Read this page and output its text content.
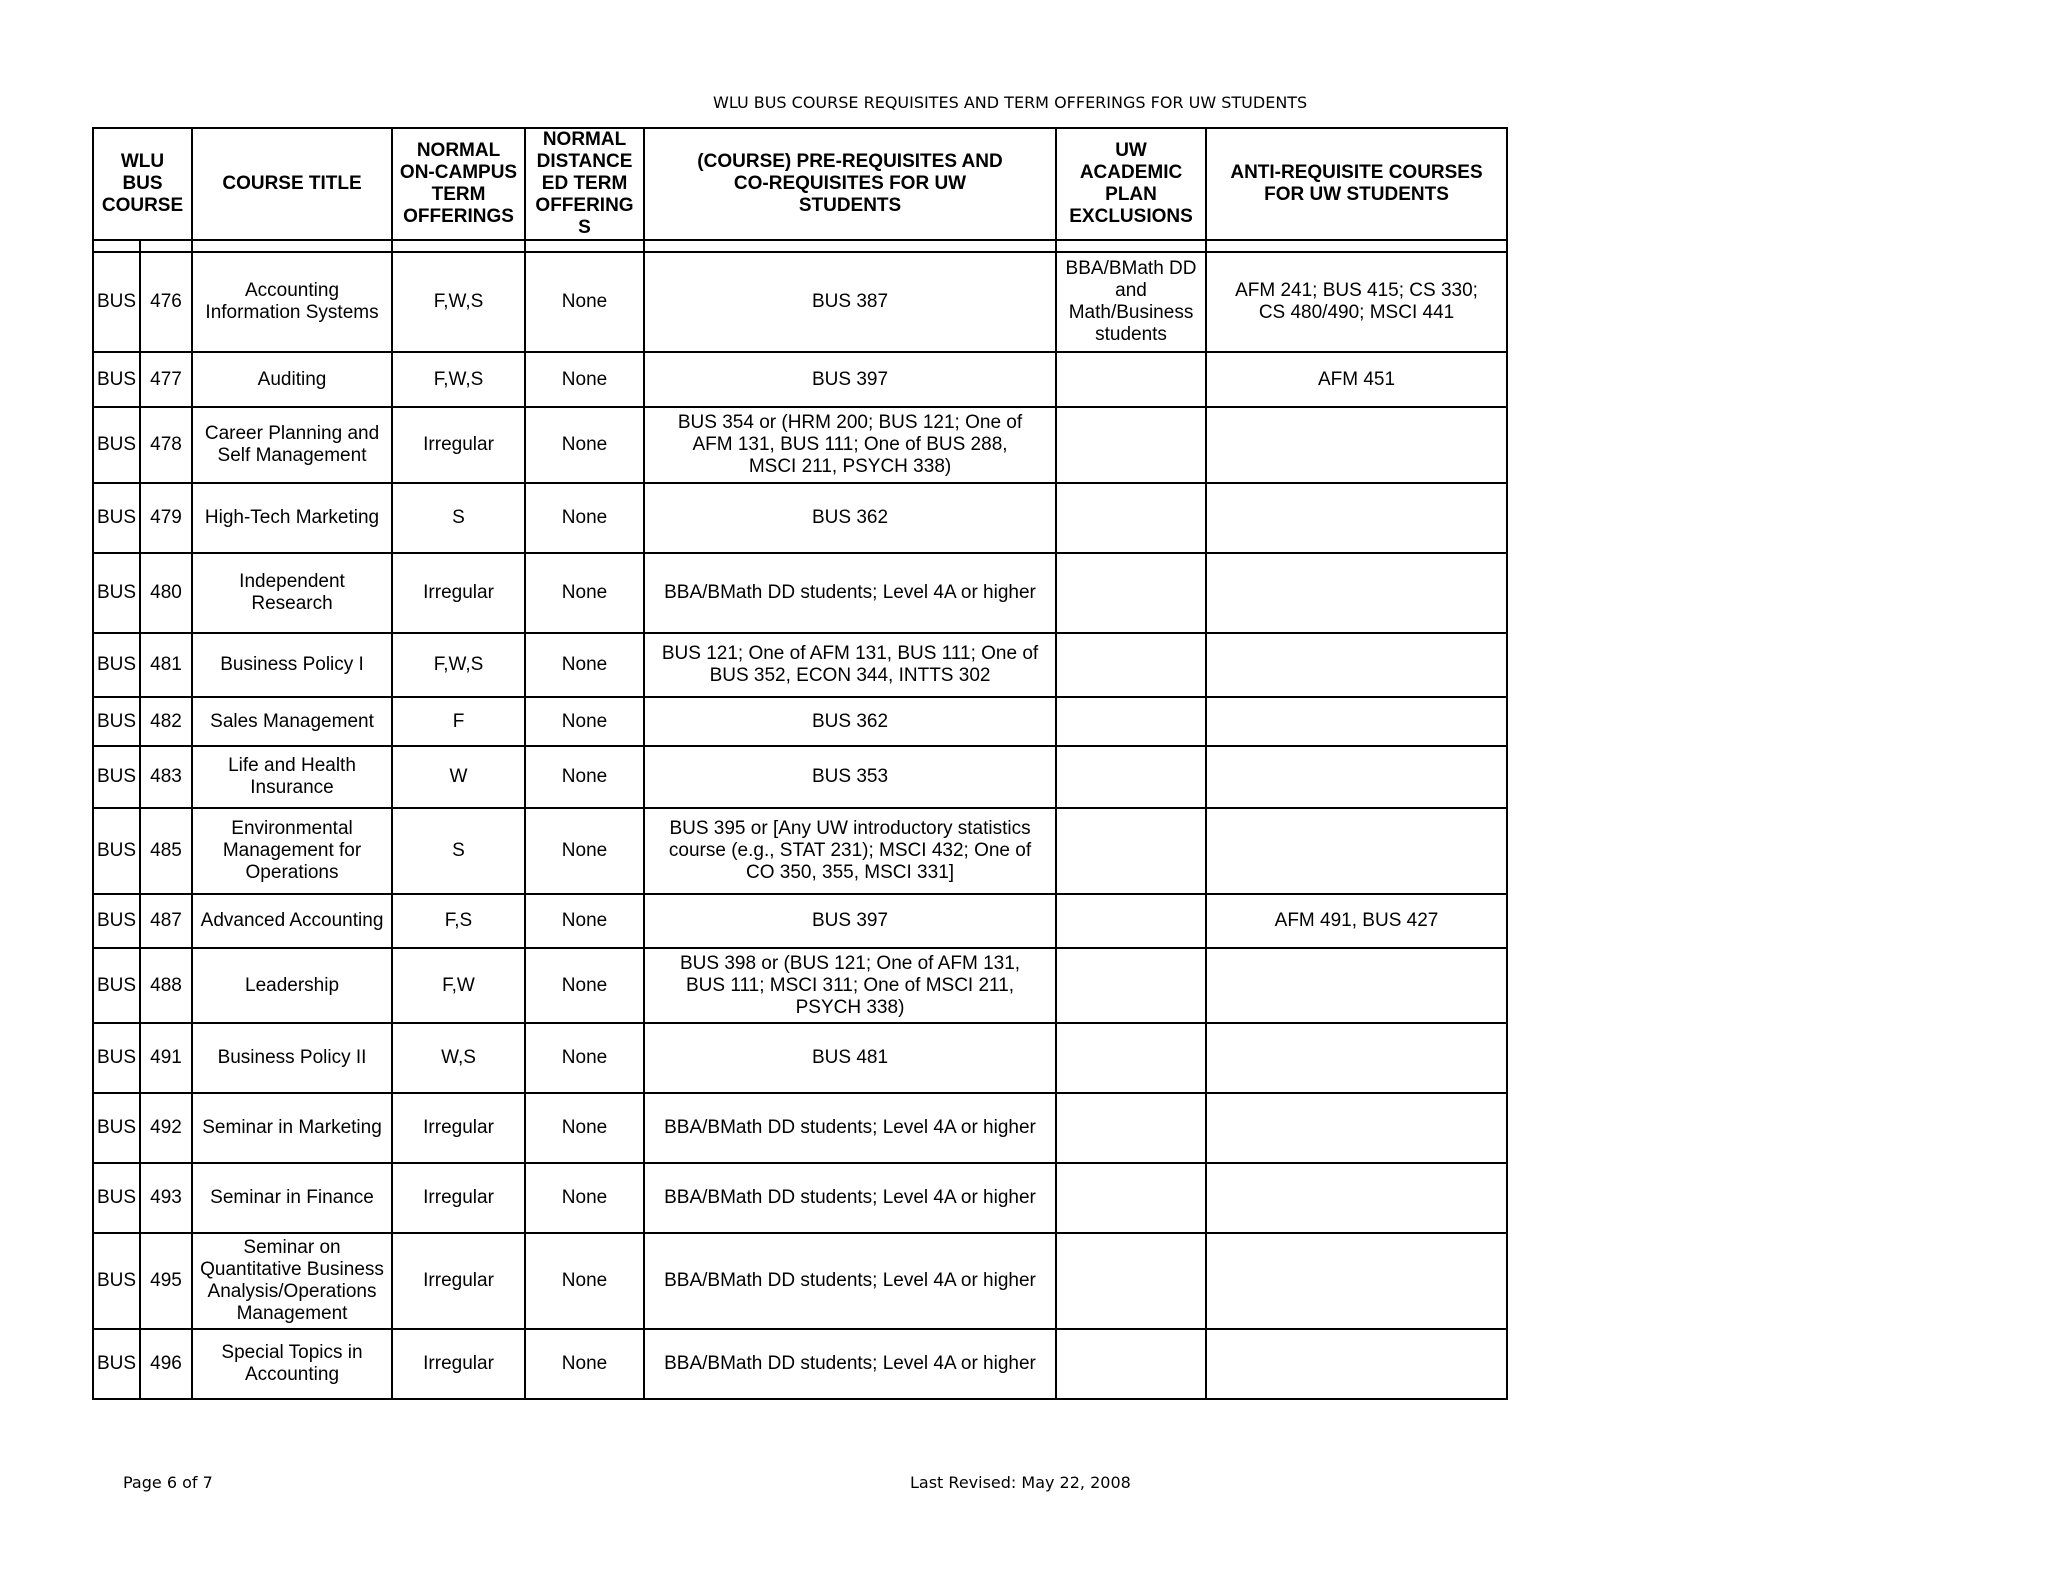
WLU BUS COURSE REQUISITES AND TERM OFFERINGS FOR UW STUDENTS
WLU
BUS
COURSE		COURSE TITLE	NORMAL
ON-CAMPUS
TERM
OFFERINGS	NORMAL
DISTANCE
ED TERM
OFFERING
S	(COURSE) PRE-REQUISITES AND
CO-REQUISITES FOR UW
STUDENTS	UW
ACADEMIC
PLAN
EXCLUSIONS	ANTI-REQUISITE COURSES
FOR UW STUDENTS

BUS	476	Accounting
Information Systems	F,W,S	None	BUS 387	BBA/BMath DD
and
Math/Business
students	AFM 241; BUS 415; CS 330;
CS 480/490; MSCI 441
BUS	477	Auditing	F,W,S	None	BUS 397		AFM 451
BUS	478	Career Planning and
Self Management	Irregular	None	BUS 354 or (HRM 200; BUS 121; One of
AFM 131, BUS 111; One of BUS 288,
MSCI 211, PSYCH 338)		
BUS	479	High-Tech Marketing	S	None	BUS 362		
BUS	480	Independent
Research	Irregular	None	BBA/BMath DD students; Level 4A or higher		
BUS	481	Business Policy I	F,W,S	None	BUS 121; One of AFM 131, BUS 111; One of
BUS 352, ECON 344, INTTS 302		
BUS	482	Sales Management	F	None	BUS 362		
BUS	483	Life and Health
Insurance	W	None	BUS 353		
BUS	485	Environmental
Management for
Operations	S	None	BUS 395 or [Any UW introductory statistics
course (e.g., STAT 231); MSCI 432; One of
CO 350, 355, MSCI 331]		
BUS	487	Advanced Accounting	F,S	None	BUS 397		AFM 491, BUS 427
BUS	488	Leadership	F,W	None	BUS 398 or (BUS 121; One of AFM 131,
BUS 111; MSCI 311; One of MSCI 211,
PSYCH 338)		
BUS	491	Business Policy II	W,S	None	BUS 481		
BUS	492	Seminar in Marketing	Irregular	None	BBA/BMath DD students; Level 4A or higher		
BUS	493	Seminar in Finance	Irregular	None	BBA/BMath DD students; Level 4A or higher		
BUS	495	Seminar on
Quantitative Business
Analysis/Operations
Management	Irregular	None	BBA/BMath DD students; Level 4A or higher		
BUS	496	Special Topics in
Accounting	Irregular	None	BBA/BMath DD students; Level 4A or higher		
Page 6 of 7	Last Revised: May 22, 2008
